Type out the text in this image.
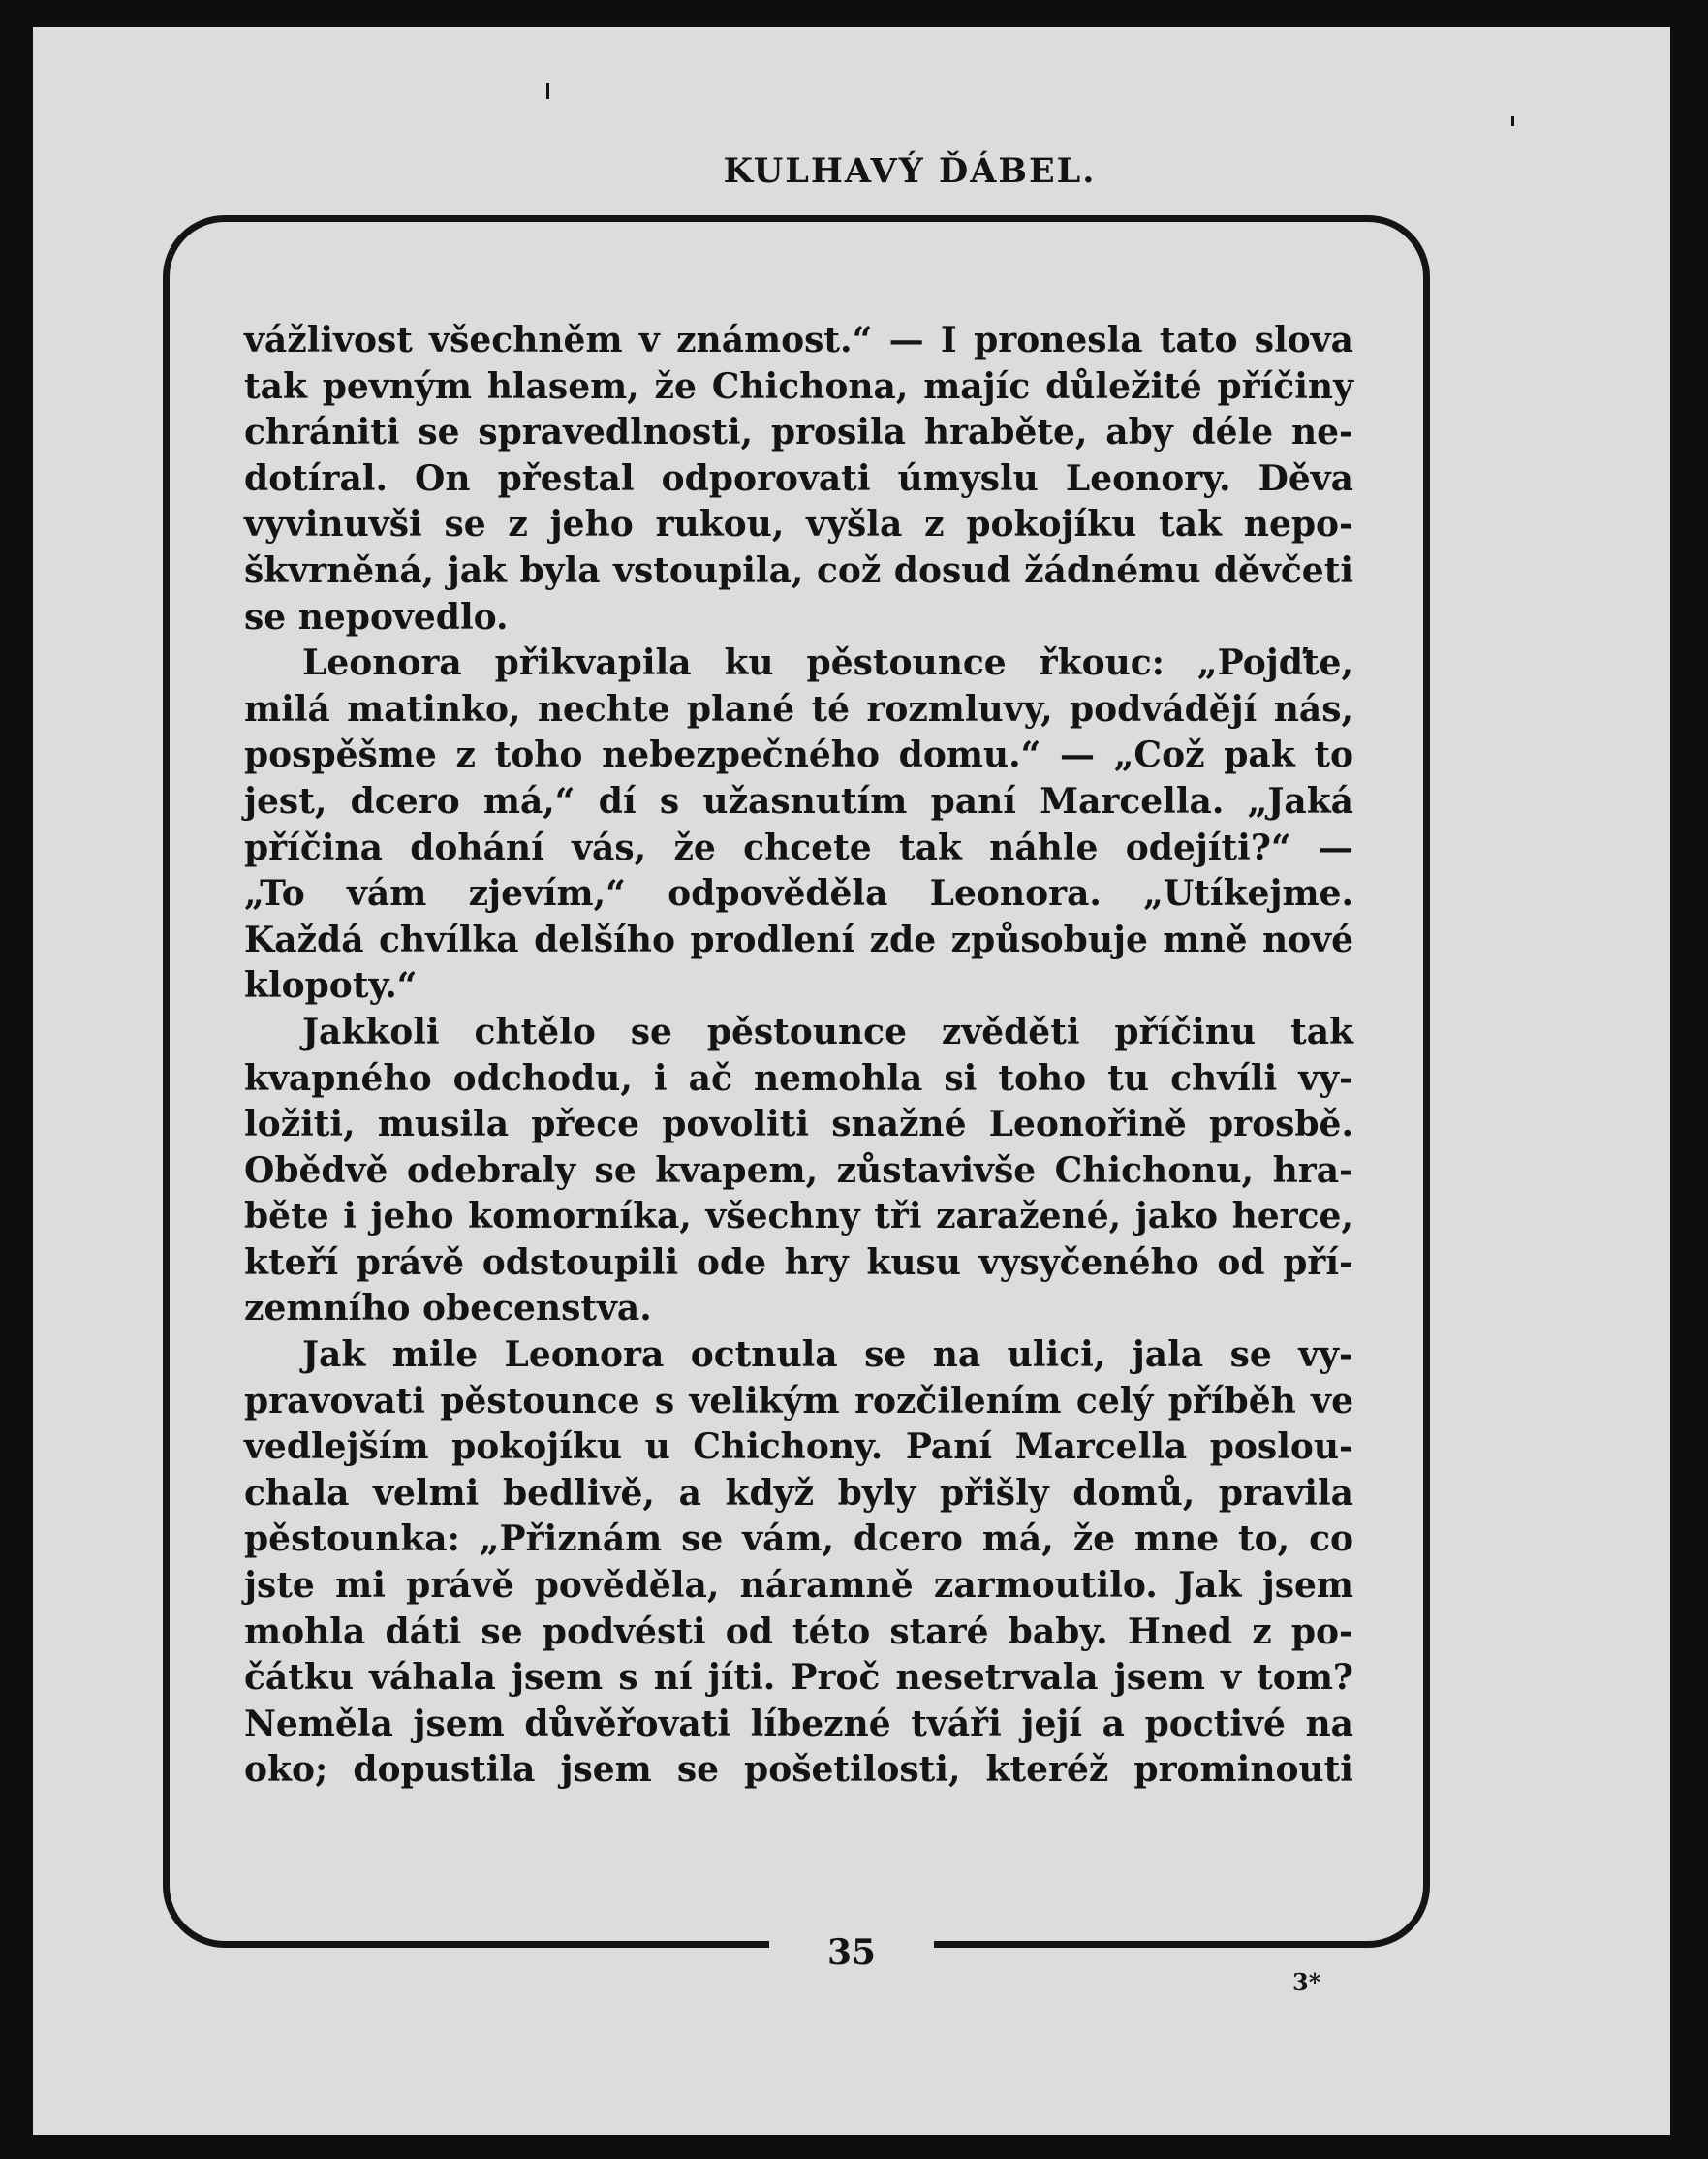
KULHAVÝ ĎÁBEL.
vážlivost všechněm v známost.“ — I pronesla tato slova
tak pevným hlasem, že Chichona, majíc důležité příčiny
chrániti se spravedlnosti, prosila hraběte, aby déle ne-
dotíral. On přestal odporovati úmyslu Leonory. Děva
vyvinuvši se z jeho rukou, vyšla z pokojíku tak nepo-
škvrněná, jak byla vstoupila, což dosud žádnému děvčeti
se nepovedlo.
Leonora přikvapila ku pěstounce řkouc: „Pojďte,
milá matinko, nechte plané té rozmluvy, podvádějí nás,
pospěšme z toho nebezpečného domu.“ — „Což pak to
jest, dcero má,“ dí s užasnutím paní Marcella. „Jaká
příčina dohání vás, že chcete tak náhle odejíti?“ —
„To vám zjevím,“ odpověděla Leonora. „Utíkejme.
Každá chvílka delšího prodlení zde způsobuje mně nové
klopoty.“
Jakkoli chtělo se pěstounce zvěděti příčinu tak
kvapného odchodu, i ač nemohla si toho tu chvíli vy-
ložiti, musila přece povoliti snažné Leonořině prosbě.
Obědvě odebraly se kvapem, zůstavivše Chichonu, hra-
běte i jeho komorníka, všechny tři zaražené, jako herce,
kteří právě odstoupili ode hry kusu vysyčeného od pří-
zemního obecenstva.
Jak mile Leonora octnula se na ulici, jala se vy-
pravovati pěstounce s velikým rozčilením celý příběh ve
vedlejším pokojíku u Chichony. Paní Marcella poslou-
chala velmi bedlivě, a když byly přišly domů, pravila
pěstounka: „Přiznám se vám, dcero má, že mne to, co
jste mi právě pověděla, náramně zarmoutilo. Jak jsem
mohla dáti se podvésti od této staré baby. Hned z po-
čátku váhala jsem s ní jíti. Proč nesetrvala jsem v tom?
Neměla jsem důvěřovati líbezné tváři její a poctivé na
oko; dopustila jsem se pošetilosti, kteréž prominouti
35
3*
